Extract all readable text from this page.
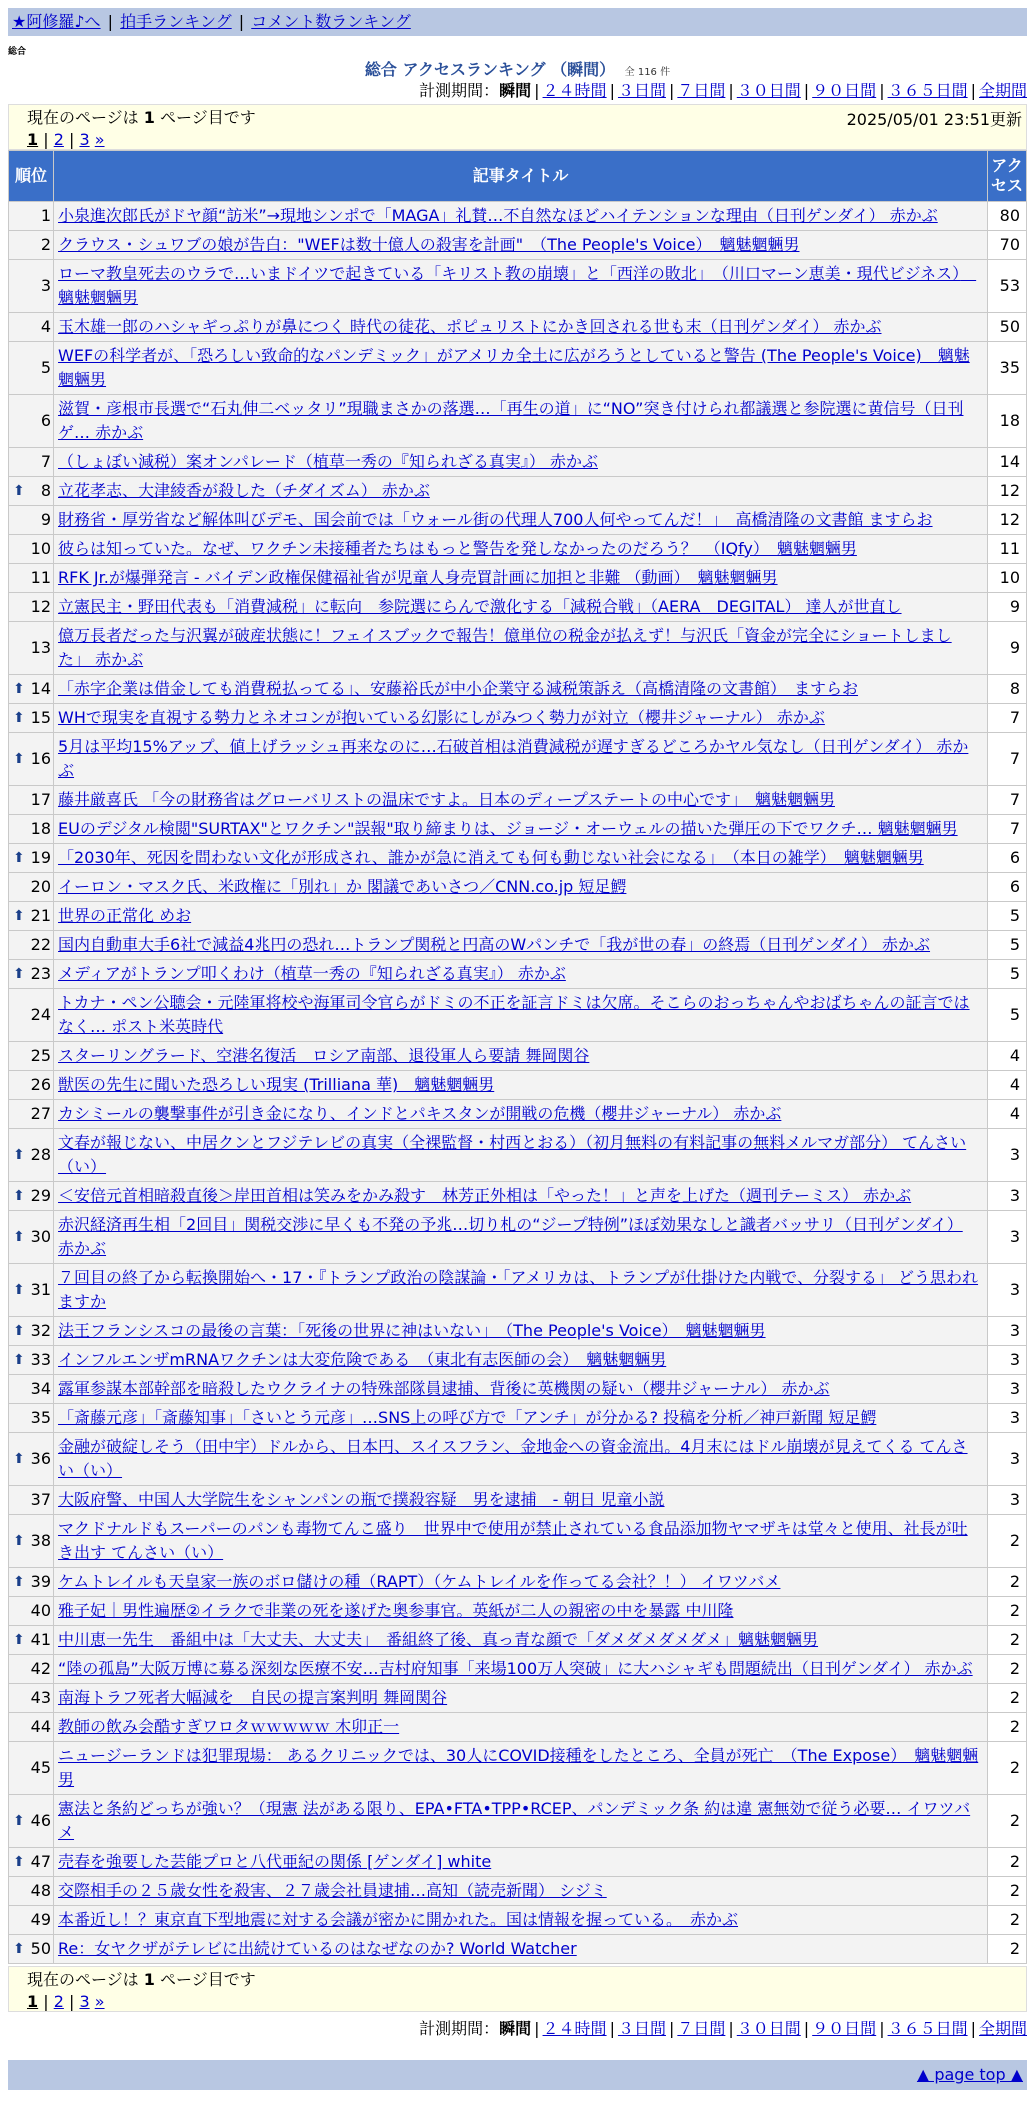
★阿修羅♪へ | 拍手ランキング | コメント数ランキング
総合
総合 アクセスランキング （瞬間） 全 116 件
計測期間：瞬間 | ２４時間 | ３日間 | ７日間 | ３０日間 | ９０日間 | ３６５日間 | 全期間
現在のページは 1 ページ目です
1 | 2 | 3 »
2025/05/01 23:51更新
順位	記事タイトル	アクセス
1	小泉進次郎氏がドヤ顔“訪米”→現地シンポで「MAGA」礼賛…不自然なほどハイテンションな理由（日刊ゲンダイ） 赤かぶ	80
2	クラウス・シュワブの娘が告白："WEFは数十億人の殺害を計画"　（The People's Voice）　魑魅魍魎男	70
3	ローマ教皇死去のウラで…いまドイツで起きている「キリスト教の崩壊」と「西洋の敗北」　（川口マーン恵美・現代ビジネス）　魑魅魍魎男	53
4	玉木雄一郎のハシャギっぷりが鼻につく 時代の徒花、ポピュリストにかき回される世も末（日刊ゲンダイ） 赤かぶ	50
5	WEFの科学者が、「恐ろしい致命的なパンデミック」がアメリカ全土に広がろうとしていると警告 (The People's Voice)　魑魅魍魎男	35
6	滋賀・彦根市長選で“石丸伸二ベッタリ”現職まさかの落選…「再生の道」に“NO”突き付けられ都議選と参院選に黄信号（日刊ゲ… 赤かぶ	18
7	（しょぼい減税）案オンパレード（植草一秀の『知られざる真実』） 赤かぶ	14

⬆ 8	立花孝志、大津綾香が殺した（チダイズム） 赤かぶ	12
9	財務省・厚労省など解体叫びデモ、国会前では「ウォール街の代理人700人何やってんだ！」　高橋清隆の文書館 ますらお	12
10	彼らは知っていた。なぜ、ワクチン未接種者たちはもっと警告を発しなかったのだろう？　（IQfy）　魑魅魍魎男	11
11	RFK Jr.が爆弾発言 - バイデン政権保健福祉省が児童人身売買計画に加担と非難 （動画）　魑魅魍魎男	10
12	立憲民主・野田代表も「消費減税」に転向　参院選にらんで激化する「減税合戦」（AERA　DEGITAL） 達人が世直し	9
13	億万長者だった与沢翼が破産状態に！フェイスブックで報告！億単位の税金が払えず！与沢氏「資金が完全にショートしました」 赤かぶ	9

⬆ 14	「赤字企業は借金しても消費税払ってる」、安藤裕氏が中小企業守る減税策訴え（高橋清隆の文書館）　ますらお	8

⬆ 15	WHで現実を直視する勢力とネオコンが抱いている幻影にしがみつく勢力が対立（櫻井ジャーナル） 赤かぶ	7

⬆ 16	5月は平均15%アップ、値上げラッシュ再来なのに…石破首相は消費減税が遅すぎるどころかヤル気なし（日刊ゲンダイ） 赤かぶ	7
17	藤井厳喜氏 「今の財務省はグローバリストの温床ですよ。日本のディープステートの中心です」　魑魅魍魎男	7
18	EUのデジタル検閲"SURTAX"とワクチン"誤報"取り締まりは、ジョージ・オーウェルの描いた弾圧の下でワクチ… 魑魅魍魎男	7

⬆ 19	「2030年、死因を問わない文化が形成され、誰かが急に消えても何も動じない社会になる」　（本日の雑学）　魑魅魍魎男	6
20	イーロン・マスク氏、米政権に「別れ」か 閣議であいさつ／CNN.co.jp 短足鰐	6

⬆ 21	世界の正常化 めお	5
22	国内自動車大手6社で減益4兆円の恐れ…トランプ関税と円高のWパンチで「我が世の春」の終焉（日刊ゲンダイ） 赤かぶ	5

⬆ 23	メディアがトランプ叩くわけ（植草一秀の『知られざる真実』） 赤かぶ	5
24	トカナ・ペン公聴会・元陸軍将校や海軍司令官らがドミの不正を証言ドミは欠席。そこらのおっちゃんやおばちゃんの証言ではなく… ポスト米英時代	5
25	スターリングラード、空港名復活　ロシア南部、退役軍人ら要請 舞岡関谷	4
26	獣医の先生に聞いた恐ろしい現実 (Trilliana 華)　魑魅魍魎男	4
27	カシミールの襲撃事件が引き金になり、インドとパキスタンが開戦の危機（櫻井ジャーナル） 赤かぶ	4

⬆ 28	文春が報じない、中居クンとフジテレビの真実（全裸監督・村西とおる）（初月無料の有料記事の無料メルマガ部分） てんさい（い）	3

⬆ 29	＜安倍元首相暗殺直後＞岸田首相は笑みをかみ殺す　林芳正外相は「やった！」と声を上げた（週刊テーミス） 赤かぶ	3

⬆ 30	赤沢経済再生相「2回目」関税交渉に早くも不発の予兆…切り札の“ジープ特例”ほぼ効果なしと識者バッサリ（日刊ゲンダイ） 赤かぶ	3

⬆ 31	７回目の終了から転換開始へ・17・『トランプ政治の陰謀論・「アメリカは、トランプが仕掛けた内戦で、分裂する」 どう思われますか	3

⬆ 32	法王フランシスコの最後の言葉：「死後の世界に神はいない」　（The People's Voice）　魑魅魍魎男	3

⬆ 33	インフルエンザmRNAワクチンは大変危険である　（東北有志医師の会）　魑魅魍魎男	3
34	露軍参謀本部幹部を暗殺したウクライナの特殊部隊員逮捕、背後に英機関の疑い（櫻井ジャーナル） 赤かぶ	3
35	「斎藤元彦」「斎藤知事」「さいとう元彦」…SNS上の呼び方で「アンチ」が分かる? 投稿を分析／神戸新聞 短足鰐	3

⬆ 36	金融が破綻しそう（田中宇）ドルから、日本円、スイスフラン、金地金への資金流出。4月末にはドル崩壊が見えてくる てんさい（い）	3
37	大阪府警、中国人大学院生をシャンパンの瓶で撲殺容疑　男を逮捕　- 朝日 児童小説	3

⬆ 38	マクドナルドもスーパーのパンも毒物てんこ盛り　世界中で使用が禁止されている食品添加物ヤマザキは堂々と使用、社長が吐き出す てんさい（い）	2

⬆ 39	ケムトレイルも天皇家一族のボロ儲けの種（RAPT）（ケムトレイルを作ってる会社？！） イワツバメ	2
40	雅子妃｜男性遍歴②イラクで非業の死を遂げた奥参事官。英紙が二人の親密の中を暴露 中川隆	2

⬆ 41	中川恵一先生　番組中は「大丈夫、大丈夫」　番組終了後、真っ青な顔で「ダメダメダメダメ」魑魅魍魎男	2
42	“陸の孤島”大阪万博に募る深刻な医療不安…吉村府知事「来場100万人突破」に大ハシャギも問題続出（日刊ゲンダイ） 赤かぶ	2
43	南海トラフ死者大幅減を　自民の提言案判明 舞岡関谷	2
44	教師の飲み会酷すぎワロタｗｗｗｗｗ 木卯正一	2
45	ニュージーランドは犯罪現場： あるクリニックでは、30人にCOVID接種をしたところ、全員が死亡　（The Expose）　魑魅魍魎男	2

⬆ 46	憲法と条約どっちが強い？（現憲 法がある限り、EPA•FTA•TPP•RCEP、パンデミック条 約は違 憲無効で従う必要… イワツバメ	2

⬆ 47	売春を強要した芸能プロと八代亜紀の関係 [ゲンダイ] white	2
48	交際相手の２５歳女性を殺害、２７歳会社員逮捕…高知（読売新聞） シジミ	2
49	本番近し！？東京直下型地震に対する会議が密かに開かれた。国は情報を握っている。　赤かぶ	2

⬆ 50	Re：女ヤクザがテレビに出続けているのはなぜなのか? World Watcher	2
現在のページは 1 ページ目です
1 | 2 | 3 »
計測期間：瞬間 | ２４時間 | ３日間 | ７日間 | ３０日間 | ９０日間 | ３６５日間 | 全期間
▲ page top ▲
